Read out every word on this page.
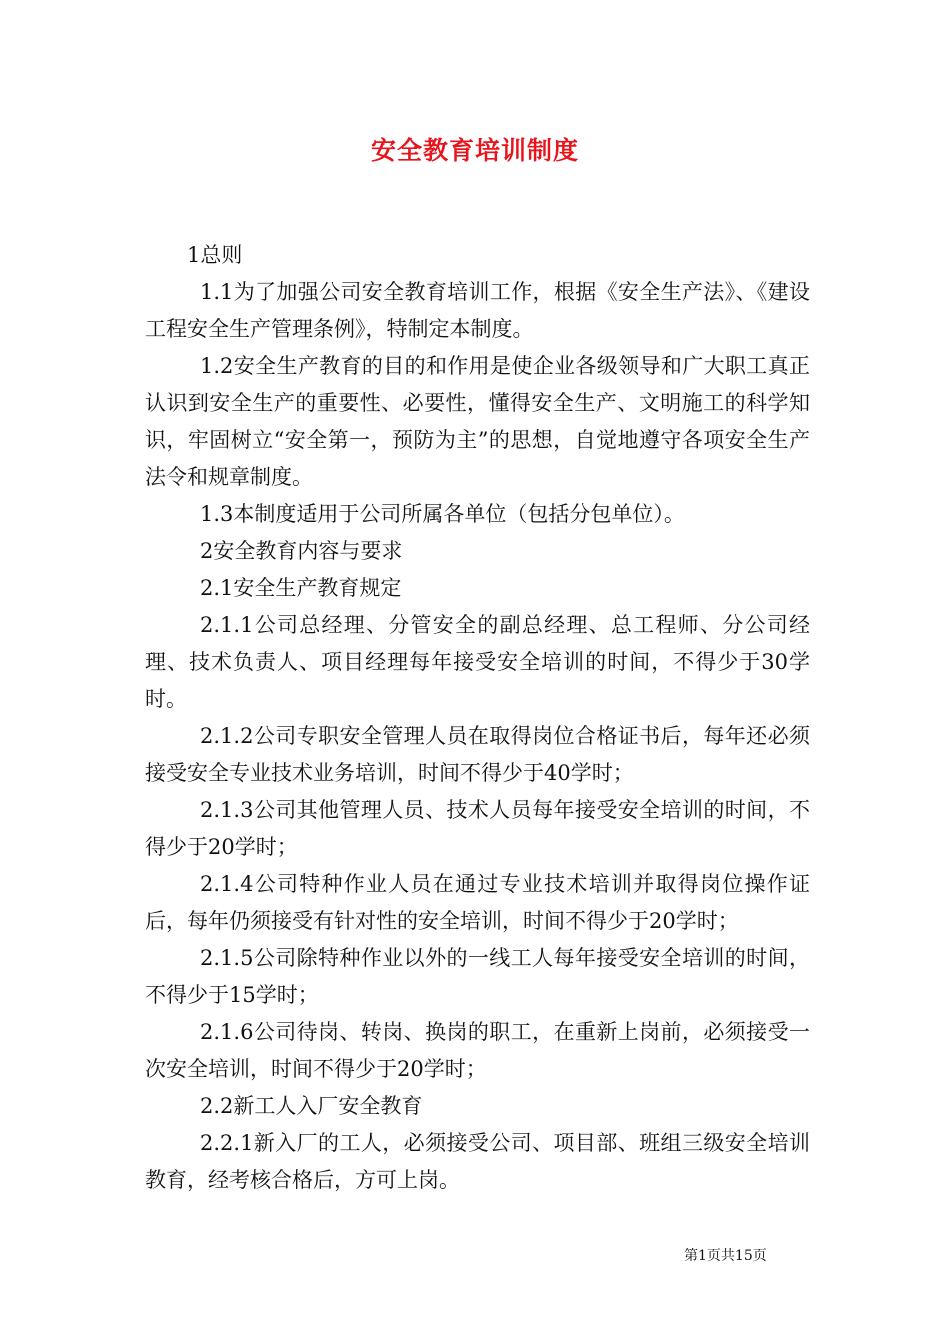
安全教育培训制度

1总则

1.1为了加强公司安全教育培训工作，根据《安全生产法》、《建设工程安全生产管理条例》，特制定本制度。

1.2安全生产教育的目的和作用是使企业各级领导和广大职工真正认识到安全生产的重要性、必要性，懂得安全生产、文明施工的科学知识，牢固树立“安全第一，预防为主”的思想，自觉地遵守各项安全生产法令和规章制度。

1.3本制度适用于公司所属各单位（包括分包单位）。

2安全教育内容与要求

2.1安全生产教育规定

2.1.1公司总经理、分管安全的副总经理、总工程师、分公司经理、技术负责人、项目经理每年接受安全培训的时间，不得少于30学时。

2.1.2公司专职安全管理人员在取得岗位合格证书后，每年还必须接受安全专业技术业务培训，时间不得少于40学时；

2.1.3公司其他管理人员、技术人员每年接受安全培训的时间，不得少于20学时；

2.1.4公司特种作业人员在通过专业技术培训并取得岗位操作证后，每年仍须接受有针对性的安全培训，时间不得少于20学时；

2.1.5公司除特种作业以外的一线工人每年接受安全培训的时间，不得少于15学时；

2.1.6公司待岗、转岗、换岗的职工，在重新上岗前，必须接受一次安全培训，时间不得少于20学时；

2.2新工人入厂安全教育

2.2.1新入厂的工人，必须接受公司、项目部、班组三级安全培训教育，经考核合格后，方可上岗。

第1页共15页
